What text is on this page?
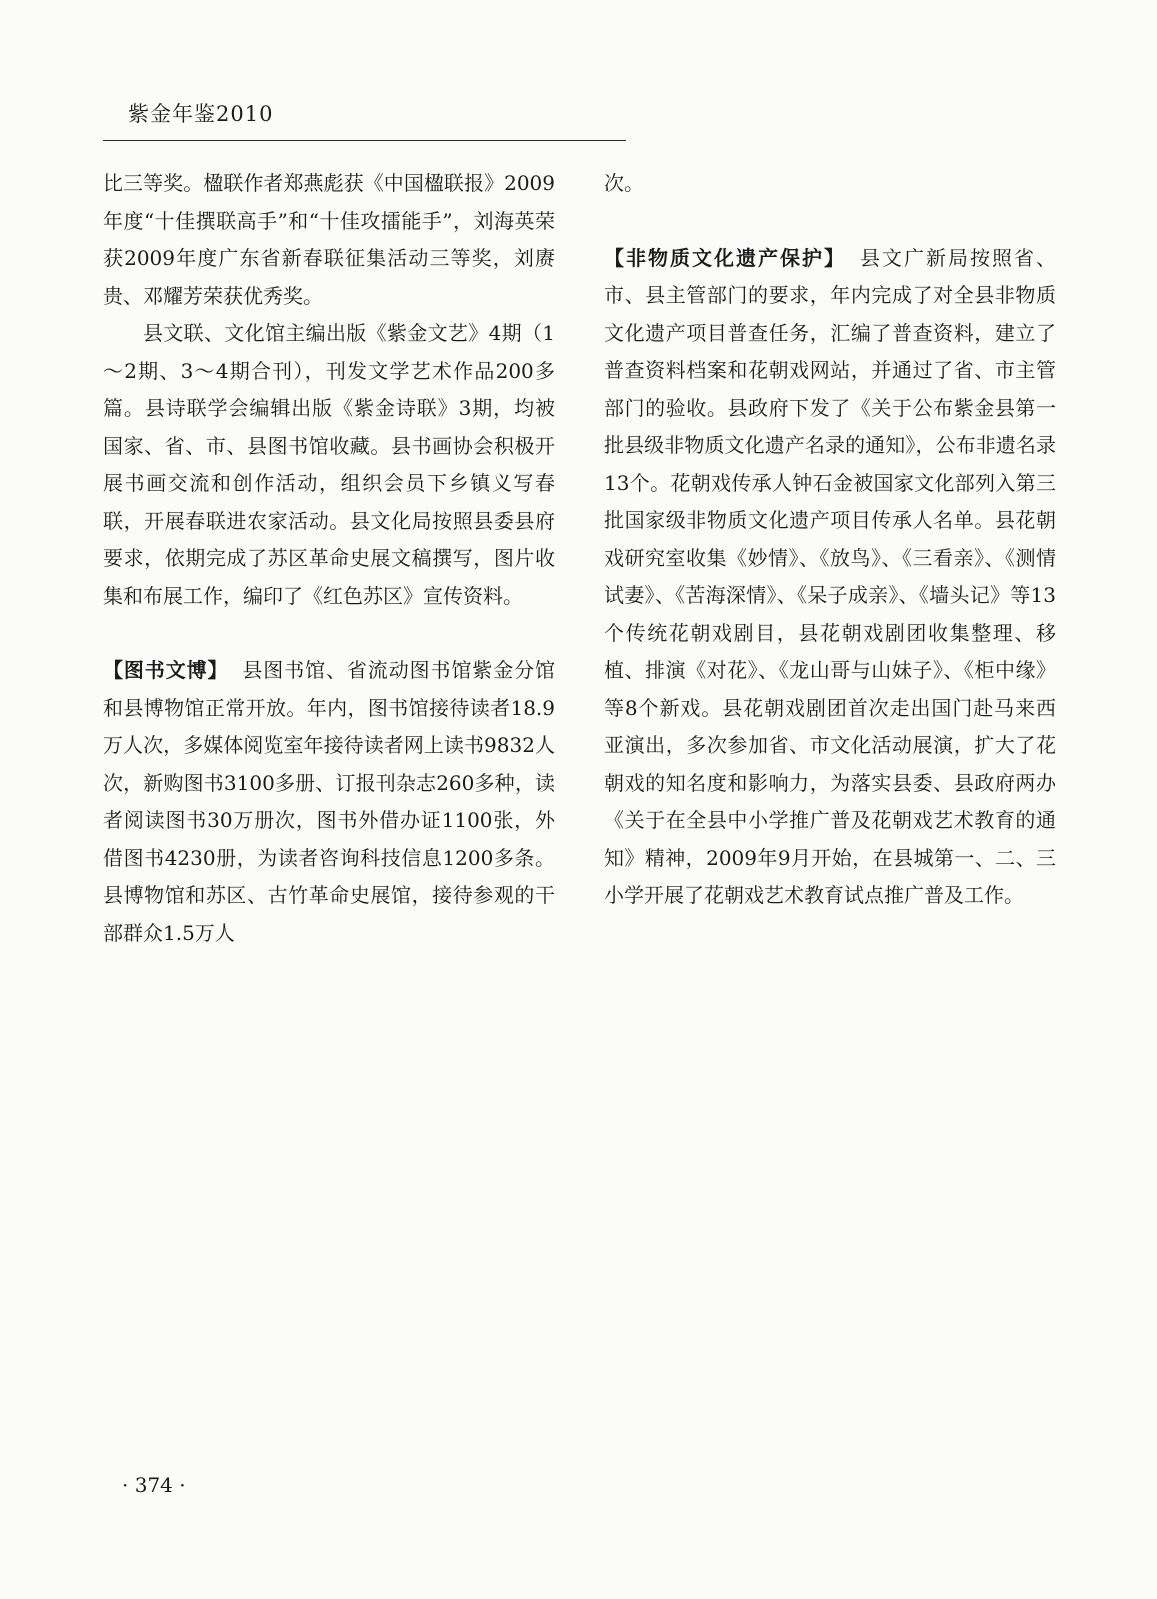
紫金年鉴2010

比三等奖。楹联作者郑燕彪获《中国楹联报》2009年度“十佳撰联高手”和“十佳攻擂能手”，刘海英荣获2009年度广东省新春联征集活动三等奖，刘赓贵、邓耀芳荣获优秀奖。

县文联、文化馆主编出版《紫金文艺》4期（1～2期、3～4期合刊），刊发文学艺术作品200多篇。县诗联学会编辑出版《紫金诗联》3期，均被国家、省、市、县图书馆收藏。县书画协会积极开展书画交流和创作活动，组织会员下乡镇义写春联，开展春联进农家活动。县文化局按照县委县府要求，依期完成了苏区革命史展文稿撰写，图片收集和布展工作，编印了《红色苏区》宣传资料。

【图书文博】 县图书馆、省流动图书馆紫金分馆和县博物馆正常开放。年内，图书馆接待读者18.9万人次，多媒体阅览室年接待读者网上读书9832人次，新购图书3100多册、订报刊杂志260多种，读者阅读图书30万册次，图书外借办证1100张，外借图书4230册，为读者咨询科技信息1200多条。县博物馆和苏区、古竹革命史展馆，接待参观的干部群众1.5万人

次。

【非物质文化遗产保护】 县文广新局按照省、市、县主管部门的要求，年内完成了对全县非物质文化遗产项目普查任务，汇编了普查资料，建立了普查资料档案和花朝戏网站，并通过了省、市主管部门的验收。县政府下发了《关于公布紫金县第一批县级非物质文化遗产名录的通知》，公布非遗名录13个。花朝戏传承人钟石金被国家文化部列入第三批国家级非物质文化遗产项目传承人名单。县花朝戏研究室收集《妙情》、《放鸟》、《三看亲》、《测情试妻》、《苦海深情》、《呆子成亲》、《墙头记》等13个传统花朝戏剧目，县花朝戏剧团收集整理、移植、排演《对花》、《龙山哥与山妹子》、《柜中缘》等8个新戏。县花朝戏剧团首次走出国门赴马来西亚演出，多次参加省、市文化活动展演，扩大了花朝戏的知名度和影响力，为落实县委、县政府两办《关于在全县中小学推广普及花朝戏艺术教育的通知》精神，2009年9月开始，在县城第一、二、三小学开展了花朝戏艺术教育试点推广普及工作。

· 374 ·
